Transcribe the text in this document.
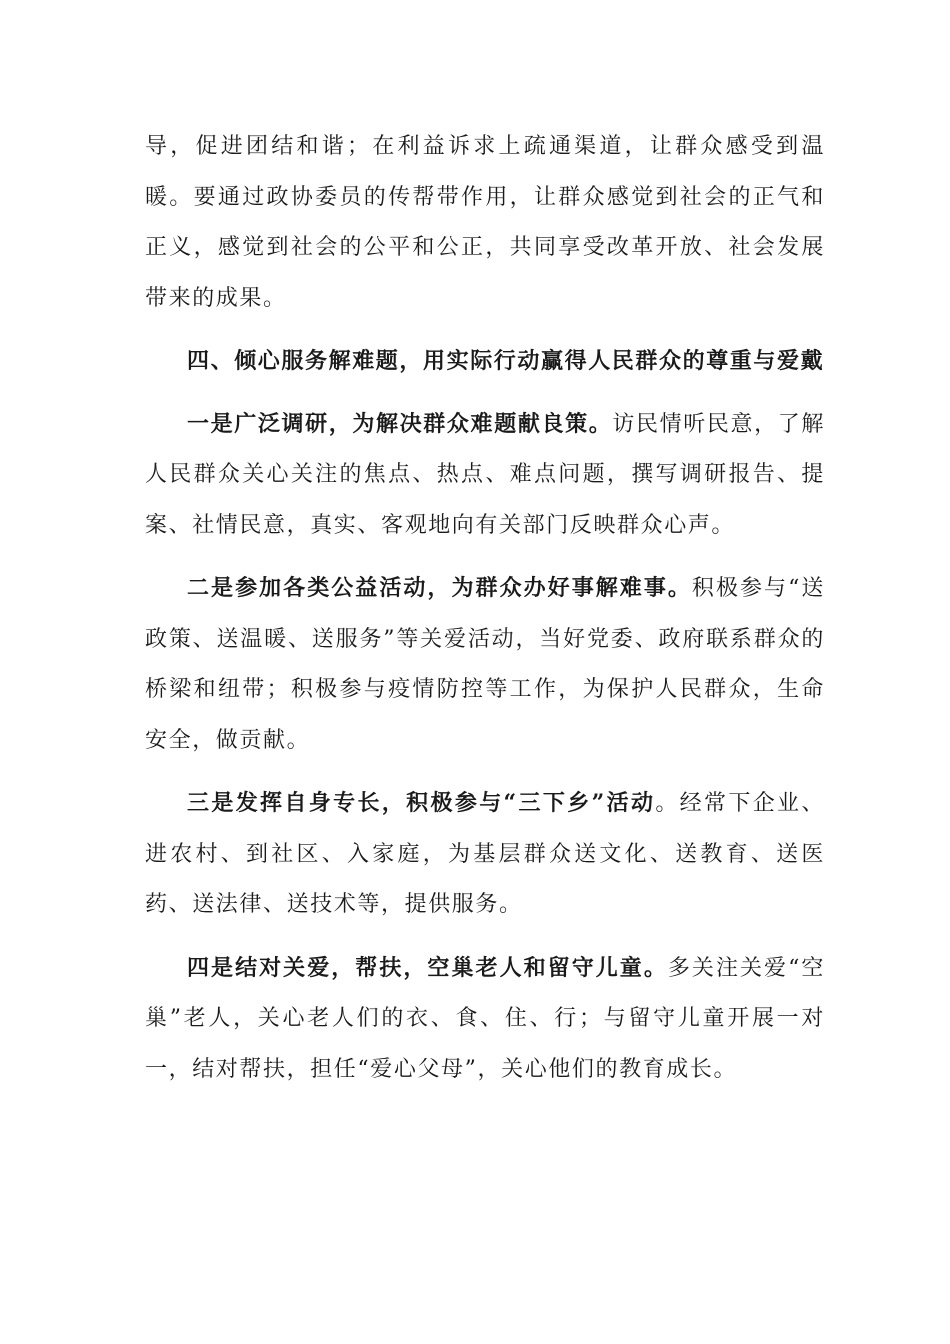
导，促进团结和谐；在利益诉求上疏通渠道，让群众感受到温暖。要通过政协委员的传帮带作用，让群众感觉到社会的正气和正义，感觉到社会的公平和公正，共同享受改革开放、社会发展带来的成果。

四、倾心服务解难题，用实际行动赢得人民群众的尊重与爱戴

一是广泛调研，为解决群众难题献良策。访民情听民意，了解人民群众关心关注的焦点、热点、难点问题，撰写调研报告、提案、社情民意，真实、客观地向有关部门反映群众心声。

二是参加各类公益活动，为群众办好事解难事。积极参与“送政策、送温暖、送服务”等关爱活动，当好党委、政府联系群众的桥梁和纽带；积极参与疫情防控等工作，为保护人民群众，生命安全，做贡献。

三是发挥自身专长，积极参与“三下乡”活动。经常下企业、进农村、到社区、入家庭，为基层群众送文化、送教育、送医药、送法律、送技术等，提供服务。

四是结对关爱，帮扶，空巢老人和留守儿童。多关注关爱“空巢”老人，关心老人们的衣、食、住、行；与留守儿童开展一对一，结对帮扶，担任“爱心父母”，关心他们的教育成长。
